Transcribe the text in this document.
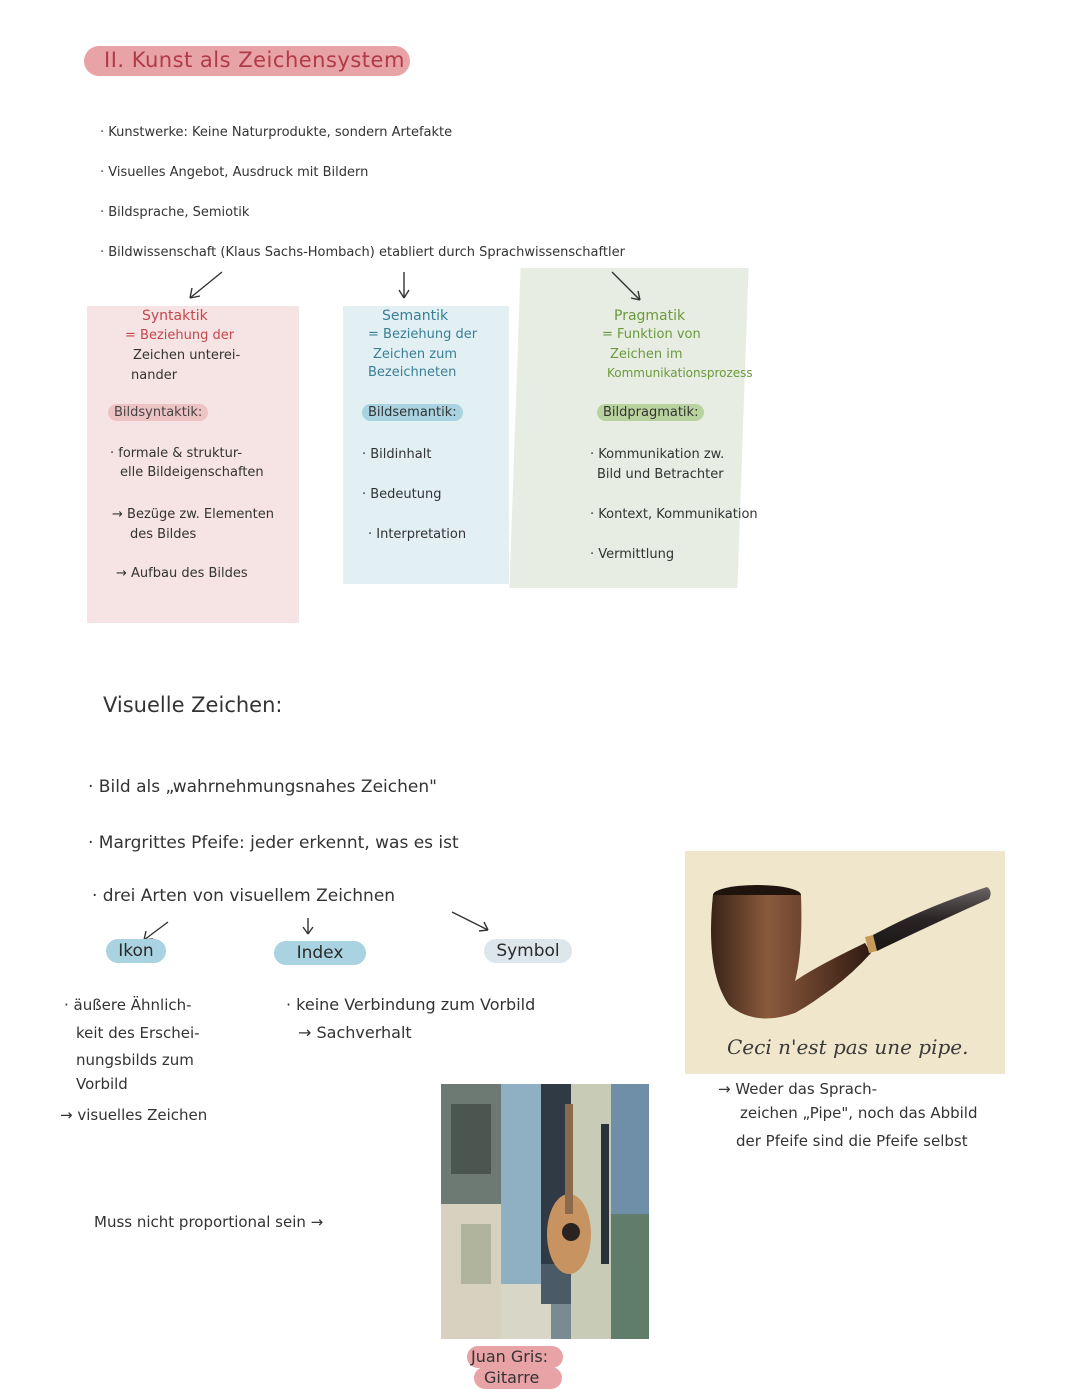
II. Kunst als Zeichensystem
· Kunstwerke: Keine Naturprodukte, sondern Artefakte
· Visuelles Angebot, Ausdruck mit Bildern
· Bildsprache, Semiotik
· Bildwissenschaft (Klaus Sachs-Hombach) etabliert durch Sprachwissenschaftler
Syntaktik
= Beziehung der
Zeichen unterei-
nander
Bildsyntaktik:
· formale & struktur-
elle Bildeigenschaften
→ Bezüge zw. Elementen
des Bildes
→ Aufbau des Bildes
Semantik
= Beziehung der
Zeichen zum
Bezeichneten
Bildsemantik:
· Bildinhalt
· Bedeutung
· Interpretation
Pragmatik
= Funktion von
Zeichen im
Kommunikationsprozess
Bildpragmatik:
· Kommunikation zw.
Bild und Betrachter
· Kontext, Kommunikation
· Vermittlung
Visuelle Zeichen:
· Bild als „wahrnehmungsnahes Zeichen"
· Margrittes Pfeife: jeder erkennt, was es ist
· drei Arten von visuellem Zeichnen
Ikon	Index	Symbol
· äußere Ähnlich-
keit des Erschei-
nungsbilds zum
Vorbild
→ visuelles Zeichen
· keine Verbindung zum Vorbild
→ Sachverhalt
Muss nicht proportional sein →
Ceci n'est pas une pipe.
→ Weder das Sprach-
zeichen „Pipe", noch das Abbild
der Pfeife sind die Pfeife selbst
Juan Gris:
Gitarre
